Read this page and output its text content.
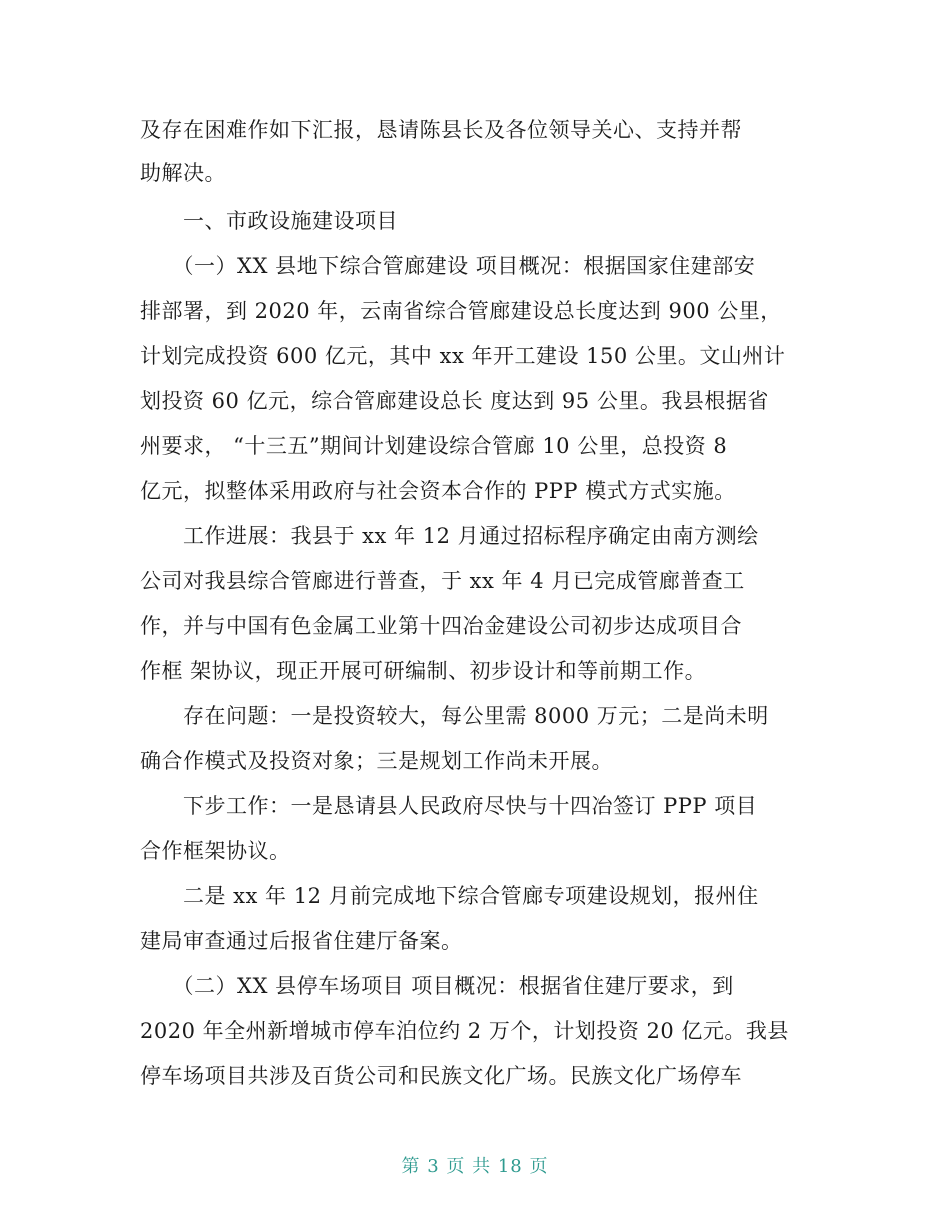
及存在困难作如下汇报，恳请陈县长及各位领导关心、支持并帮
助解决。
　　一、市政设施建设项目
　　（一）XX 县地下综合管廊建设 项目概况：根据国家住建部安
排部署，到 2020 年，云南省综合管廊建设总长度达到 900 公里，
计划完成投资 600 亿元，其中 xx 年开工建设 150 公里。文山州计
划投资 60 亿元，综合管廊建设总长 度达到 95 公里。我县根据省
州要求， “十三五”期间计划建设综合管廊 10 公里，总投资 8
亿元，拟整体采用政府与社会资本合作的 PPP 模式方式实施。
　　工作进展：我县于 xx 年 12 月通过招标程序确定由南方测绘
公司对我县综合管廊进行普查，于 xx 年 4 月已完成管廊普查工
作，并与中国有色金属工业第十四冶金建设公司初步达成项目合
作框 架协议，现正开展可研编制、初步设计和等前期工作。
　　存在问题：一是投资较大，每公里需 8000 万元；二是尚未明
确合作模式及投资对象；三是规划工作尚未开展。
　　下步工作：一是恳请县人民政府尽快与十四冶签订 PPP 项目
合作框架协议。
　　二是 xx 年 12 月前完成地下综合管廊专项建设规划，报州住
建局审查通过后报省住建厅备案。
　　（二）XX 县停车场项目 项目概况：根据省住建厅要求，到
2020 年全州新增城市停车泊位约 2 万个，计划投资 20 亿元。我县
停车场项目共涉及百货公司和民族文化广场。民族文化广场停车
第 3 页 共 18 页
